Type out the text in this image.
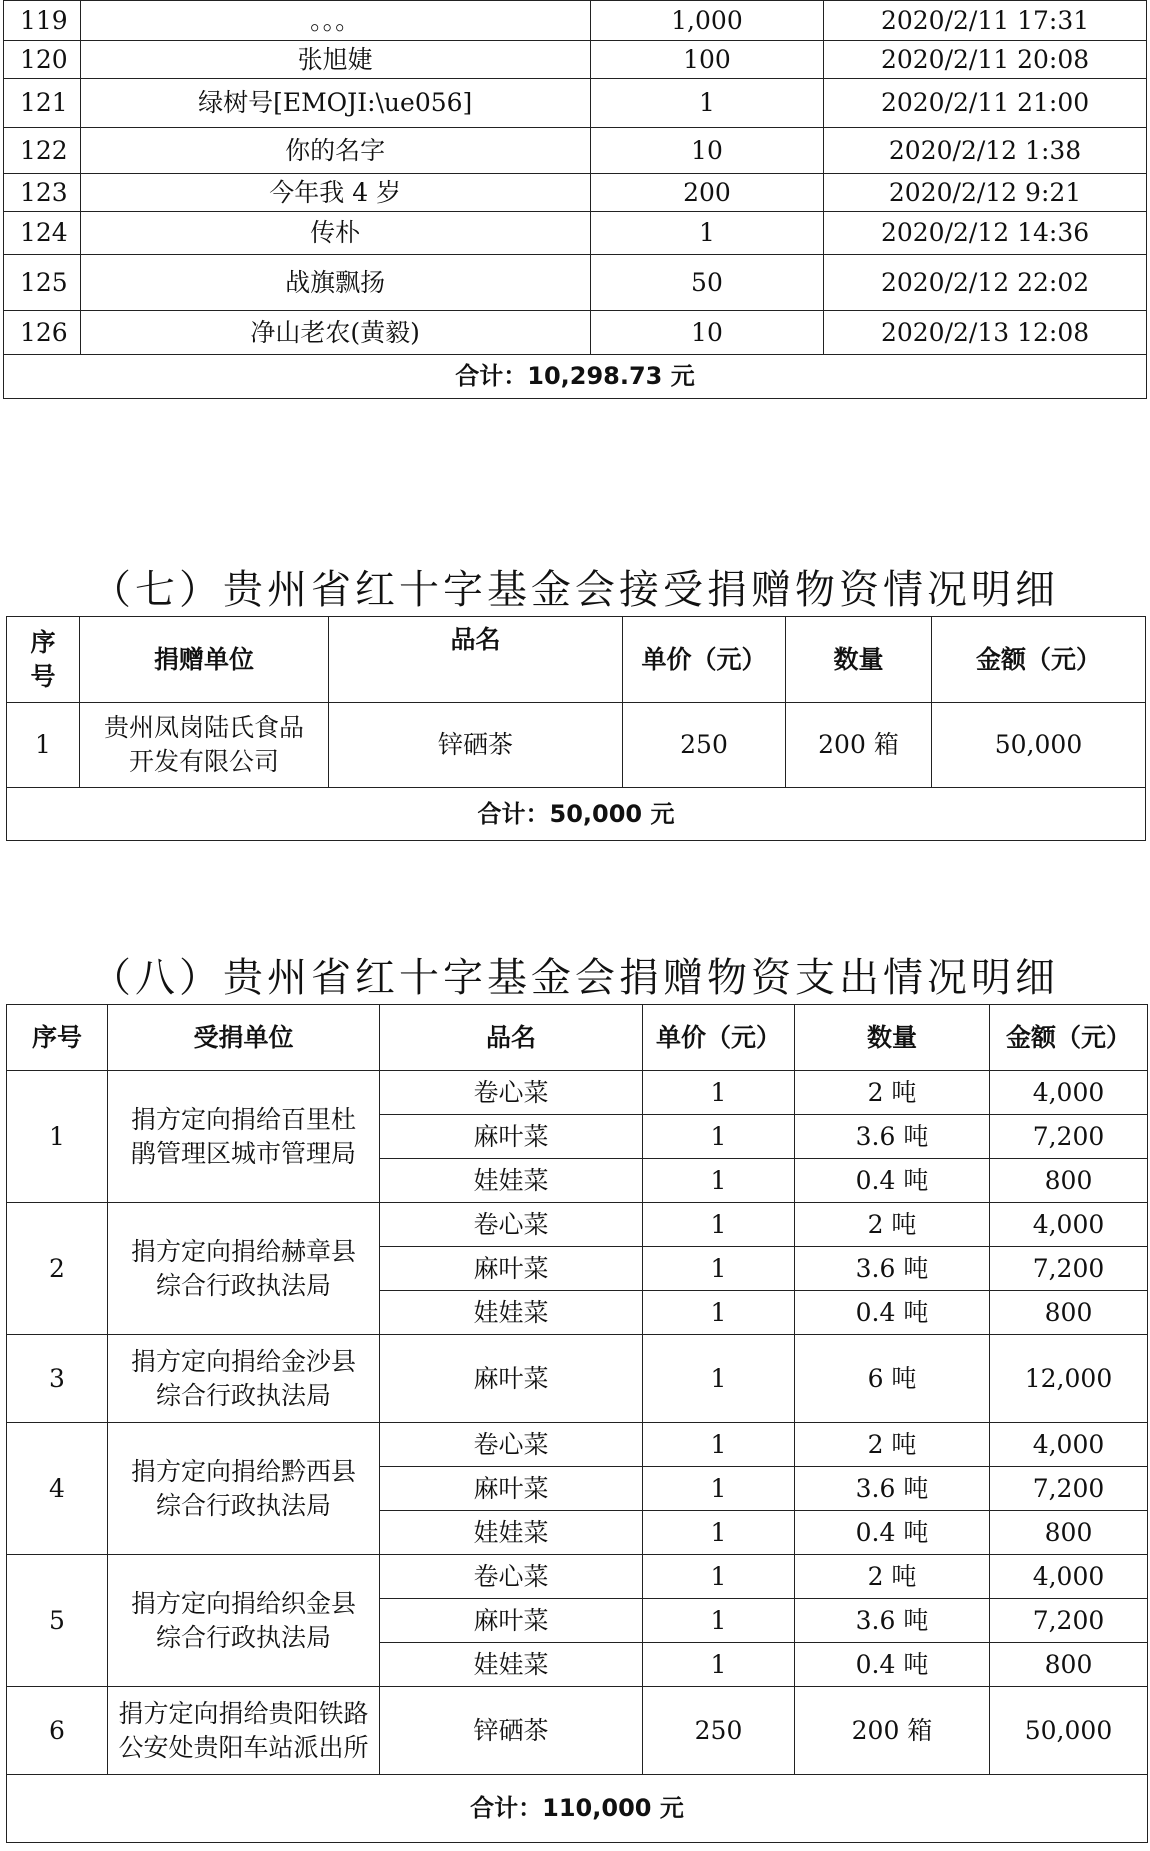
119	。。。	1,000	2020/2/11 17:31
120	张旭婕	100	2020/2/11 20:08
121	绿树号[EMOJI:\ue056]	1	2020/2/11 21:00
122	你的名字	10	2020/2/12 1:38
123	今年我 4 岁	200	2020/2/12 9:21
124	传朴	1	2020/2/12 14:36
125	战旗飘扬	50	2020/2/12 22:02
126	净山老农(黄毅)	10	2020/2/13 12:08
合计：10,298.73 元			
（七）贵州省红十字基金会接受捐赠物资情况明细
序号	捐赠单位	品名	单价（元）	数量	金额（元）
1	贵州凤岗陆氏食品开发有限公司	锌硒茶	250	200 箱	50,000
合计：50,000 元					
（八）贵州省红十字基金会捐赠物资支出情况明细
序号	受捐单位	品名	单价（元）	数量	金额（元）
1	捐方定向捐给百里杜鹃管理区城市管理局	卷心菜	1	2 吨	4,000
		麻叶菜	1	3.6 吨	7,200
		娃娃菜	1	0.4 吨	800
2	捐方定向捐给赫章县综合行政执法局	卷心菜	1	2 吨	4,000
		麻叶菜	1	3.6 吨	7,200
		娃娃菜	1	0.4 吨	800
3	捐方定向捐给金沙县综合行政执法局	麻叶菜	1	6 吨	12,000
4	捐方定向捐给黔西县综合行政执法局	卷心菜	1	2 吨	4,000
		麻叶菜	1	3.6 吨	7,200
		娃娃菜	1	0.4 吨	800
5	捐方定向捐给织金县综合行政执法局	卷心菜	1	2 吨	4,000
		麻叶菜	1	3.6 吨	7,200
		娃娃菜	1	0.4 吨	800
6	捐方定向捐给贵阳铁路公安处贵阳车站派出所	锌硒茶	250	200 箱	50,000
合计：110,000 元					
